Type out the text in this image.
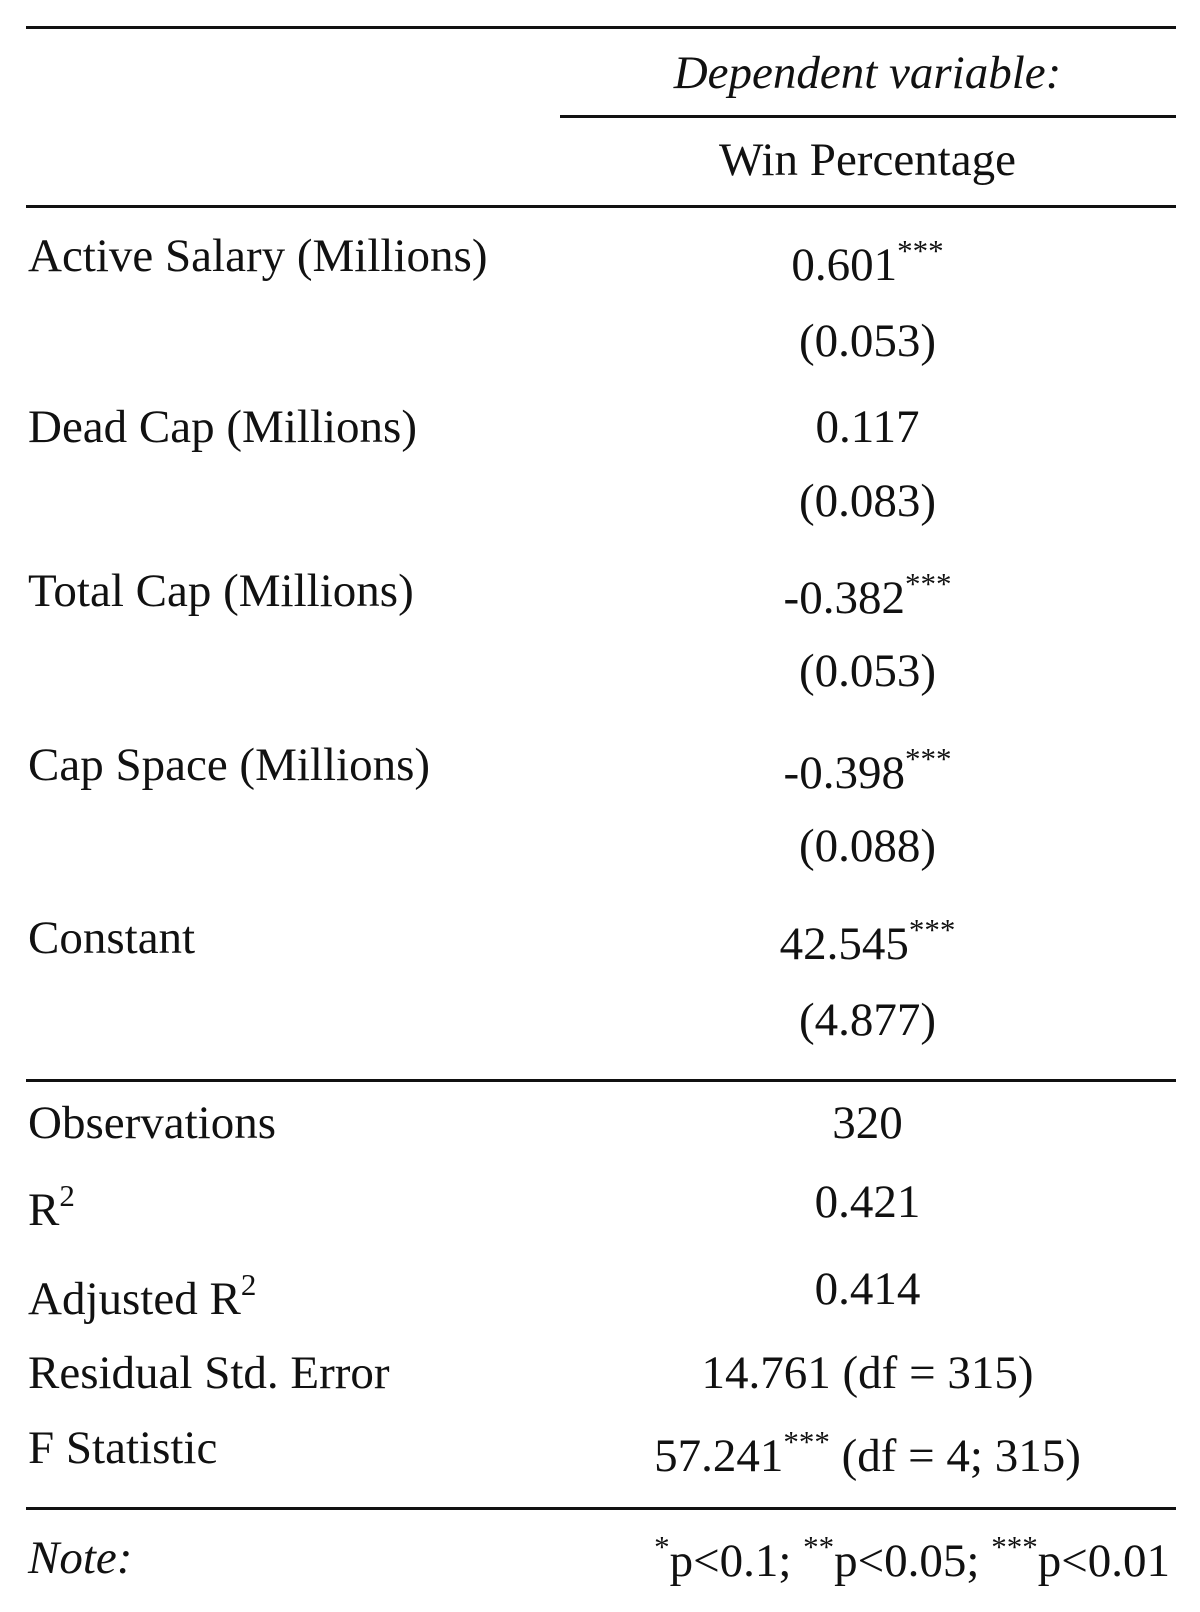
Dependent variable:
Win Percentage
Active Salary (Millions)	0.601***
(0.053)
Dead Cap (Millions)	0.117
(0.083)
Total Cap (Millions)	-0.382***
(0.053)
Cap Space (Millions)	-0.398***
(0.088)
Constant	42.545***
(4.877)
Observations	320
$R^2$	0.421
Adjusted $R^2$	0.414
Residual Std. Error	14.761 (df = 315)
F Statistic	57.241*** (df = 4; 315)
Note:	*p<0.1; **p<0.05; ***p<0.01
